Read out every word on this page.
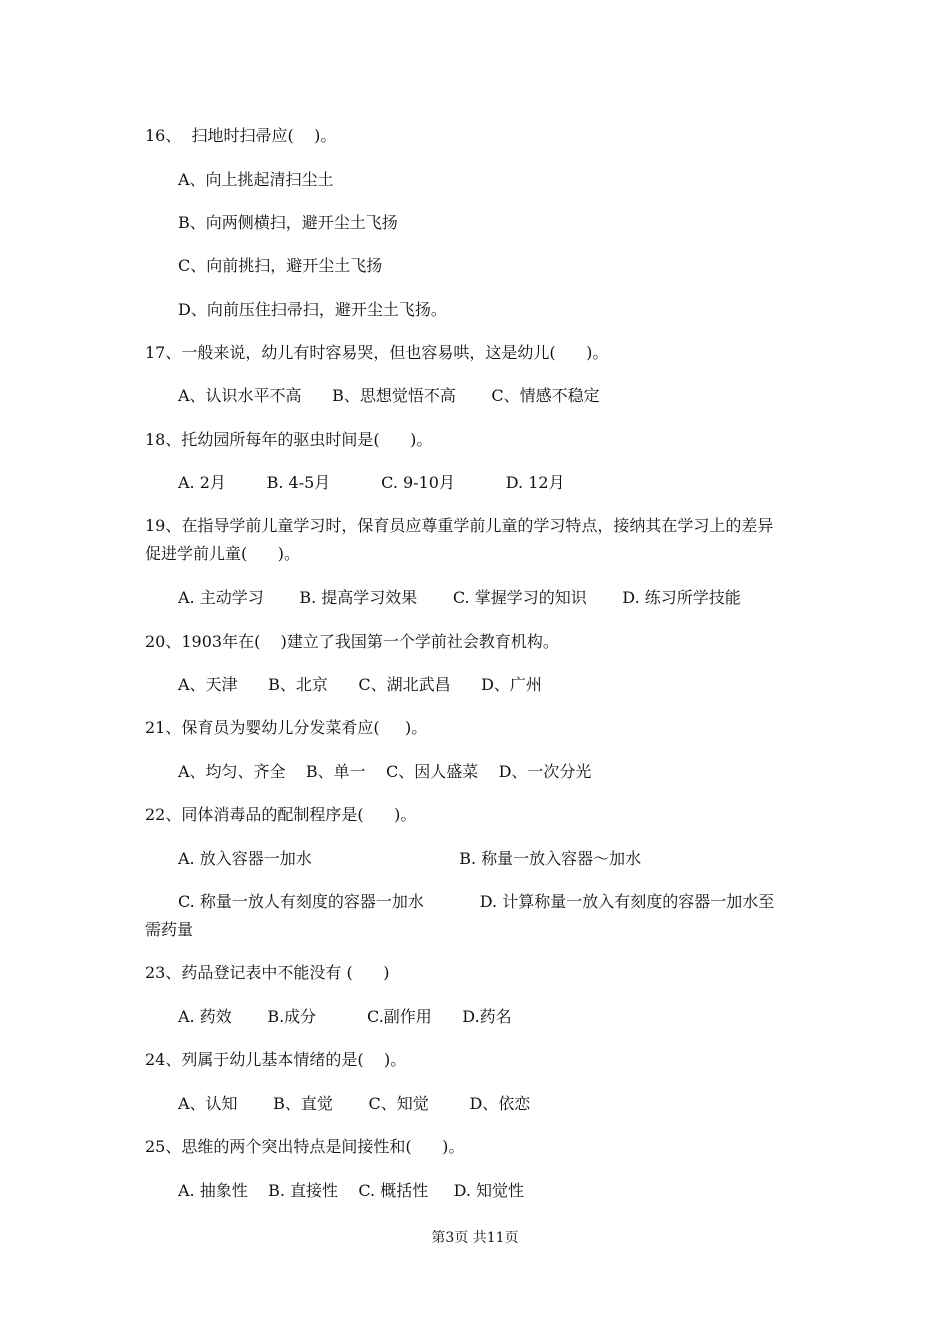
16、  扫地时扫帚应(    )。
A、向上挑起清扫尘土
B、向两侧横扫，避开尘土飞扬
C、向前挑扫，避开尘土飞扬
D、向前压住扫帚扫，避开尘土飞扬。
17、一般来说，幼儿有时容易哭，但也容易哄，这是幼儿(      )。
A、认识水平不高      B、思想觉悟不高       C、情感不稳定
18、托幼园所每年的驱虫时间是(      )。
A. 2月        B. 4-5月          C. 9-10月          D. 12月
19、在指导学前儿童学习时，保育员应尊重学前儿童的学习特点，接纳其在学习上的差异
促进学前儿童(      )。
A. 主动学习       B. 提高学习效果       C. 掌握学习的知识       D. 练习所学技能
20、1903年在(    )建立了我国第一个学前社会教育机构。
A、天津      B、北京      C、湖北武昌      D、广州
21、保育员为婴幼儿分发菜肴应(     )。
A、均匀、齐全    B、单一    C、因人盛菜    D、一次分光
22、同体消毒品的配制程序是(      )。
A. 放入容器一加水                             B. 称量一放入容器～加水
C. 称量一放人有刻度的容器一加水           D. 计算称量一放入有刻度的容器一加水至
需药量
23、药品登记表中不能没有 (      )
A. 药效       B.成分          C.副作用      D.药名
24、列属于幼儿基本情绪的是(    )。
A、认知       B、直觉       C、知觉        D、依恋
25、思维的两个突出特点是间接性和(      )。
A. 抽象性    B. 直接性    C. 概括性     D. 知觉性
第3页 共11页
